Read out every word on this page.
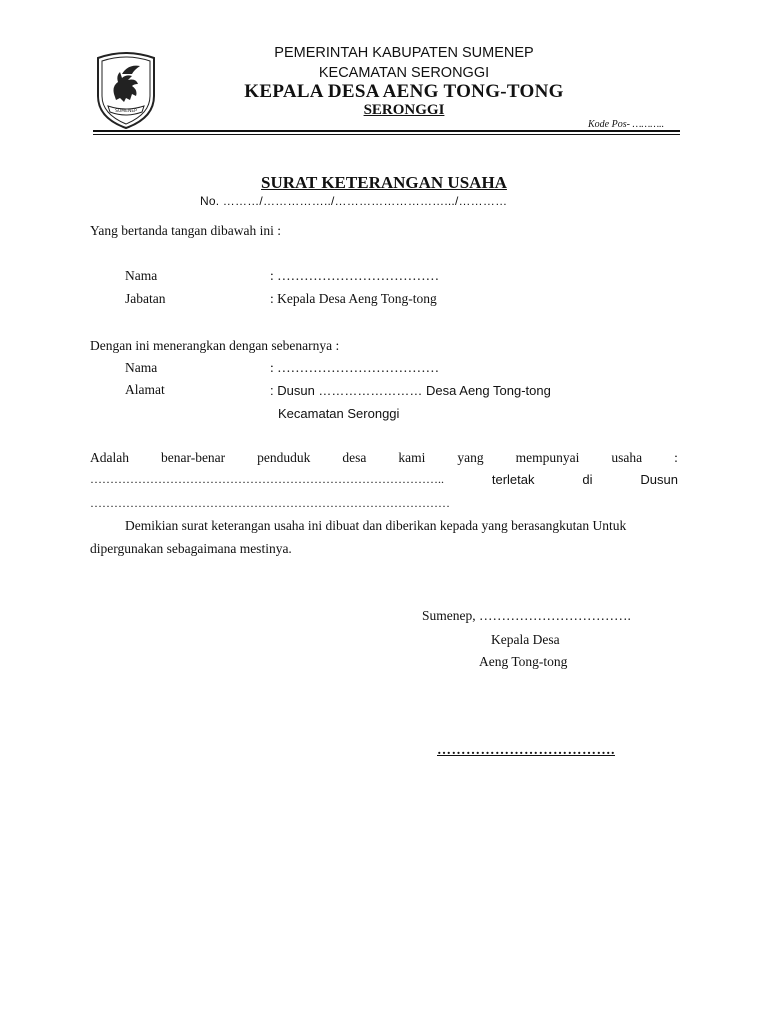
SUMENEP
PEMERINTAH KABUPATEN SUMENEP
KECAMATAN SERONGGI
KEPALA DESA AENG TONG-TONG
SERONGGI
Kode Pos- ………..
SURAT KETERANGAN USAHA
No. ………/……………../……………………….../…………
Yang bertanda tangan dibawah ini :
Nama	: ………………………………
Jabatan	: Kepala Desa Aeng Tong-tong
Dengan ini menerangkan dengan sebenarnya :
Nama	: ………………………………
Alamat	: Dusun …………………… Desa Aeng Tong-tong
Kecamatan Seronggi
Adalah benar-benar penduduk desa kami yang mempunyai usaha :
……………………………………………………………………………..	terletak	di	Dusun
………………………………………………………………………………
Demikian surat keterangan usaha ini dibuat dan diberikan kepada yang berasangkutan Untuk
dipergunakan sebagaimana mestinya.
Sumenep, …………………………….
Kepala Desa
Aeng Tong-tong
……………………………….
